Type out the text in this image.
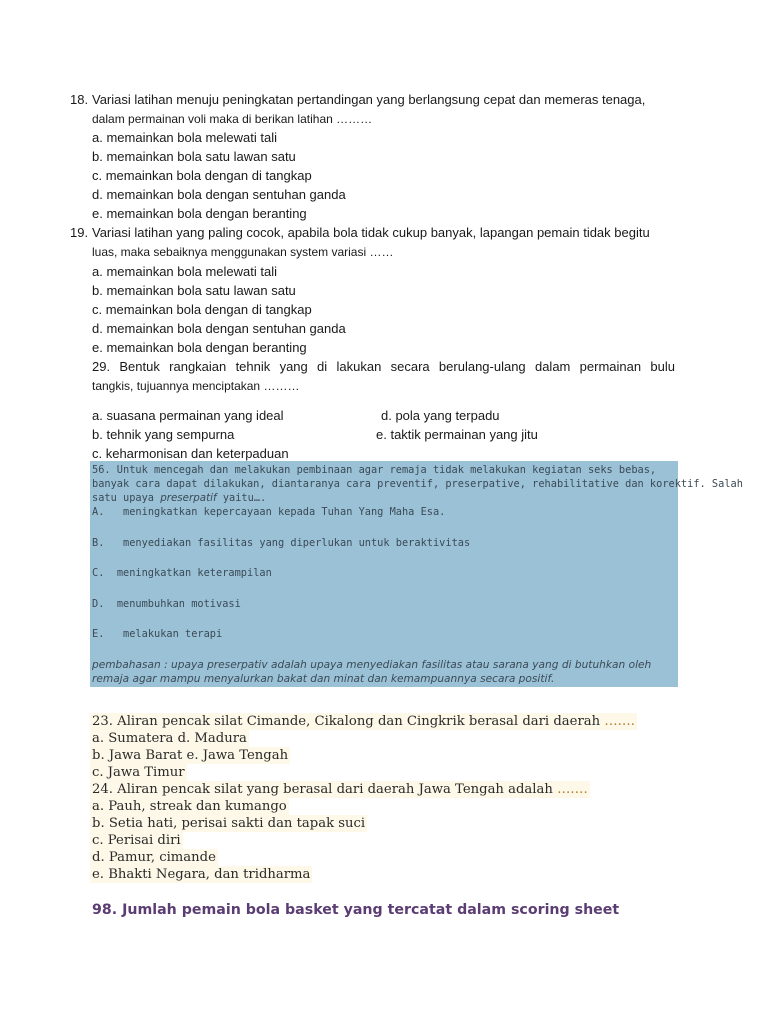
18. Variasi latihan menuju peningkatan pertandingan yang berlangsung cepat dan memeras tenaga,
dalam permainan voli maka di berikan latihan ………
a. memainkan bola melewati tali
b. memainkan bola satu lawan satu
c. memainkan bola dengan di tangkap
d. memainkan bola dengan sentuhan ganda
e. memainkan bola dengan beranting
19. Variasi latihan yang paling cocok, apabila bola tidak cukup banyak, lapangan pemain tidak begitu
luas, maka sebaiknya menggunakan system variasi ……
a. memainkan bola melewati tali
b. memainkan bola satu lawan satu
c. memainkan bola dengan di tangkap
d. memainkan bola dengan sentuhan ganda
e. memainkan bola dengan beranting
29. Bentuk rangkaian tehnik yang di lakukan secara berulang-ulang dalam permainan bulu
tangkis, tujuannya menciptakan ………
a. suasana permainan yang ideal	d. pola yang terpadu
b. tehnik yang sempurna	e. taktik permainan yang jitu
c. keharmonisan dan keterpaduan
56. Untuk mencegah dan melakukan pembinaan agar remaja tidak melakukan kegiatan seks bebas,
banyak cara dapat dilakukan, diantaranya cara preventif, preserpative, rehabilitative dan korektif. Salah
satu upaya preserpatif yaitu….
A. meningkatkan kepercayaan kepada Tuhan Yang Maha Esa.
B. menyediakan fasilitas yang diperlukan untuk beraktivitas
C. meningkatkan keterampilan
D. menumbuhkan motivasi
E. melakukan terapi
pembahasan : upaya preserpativ adalah upaya menyediakan fasilitas atau sarana yang di butuhkan oleh
remaja agar mampu menyalurkan bakat dan minat dan kemampuannya secara positif.
23. Aliran pencak silat Cimande, Cikalong dan Cingkrik berasal dari daerah …….
a. Sumatera d. Madura
b. Jawa Barat e. Jawa Tengah
c. Jawa Timur
24. Aliran pencak silat yang berasal dari daerah Jawa Tengah adalah …….
a. Pauh, streak dan kumango
b. Setia hati, perisai sakti dan tapak suci
c. Perisai diri
d. Pamur, cimande
e. Bhakti Negara, dan tridharma
98. Jumlah pemain bola basket yang tercatat dalam scoring sheet
